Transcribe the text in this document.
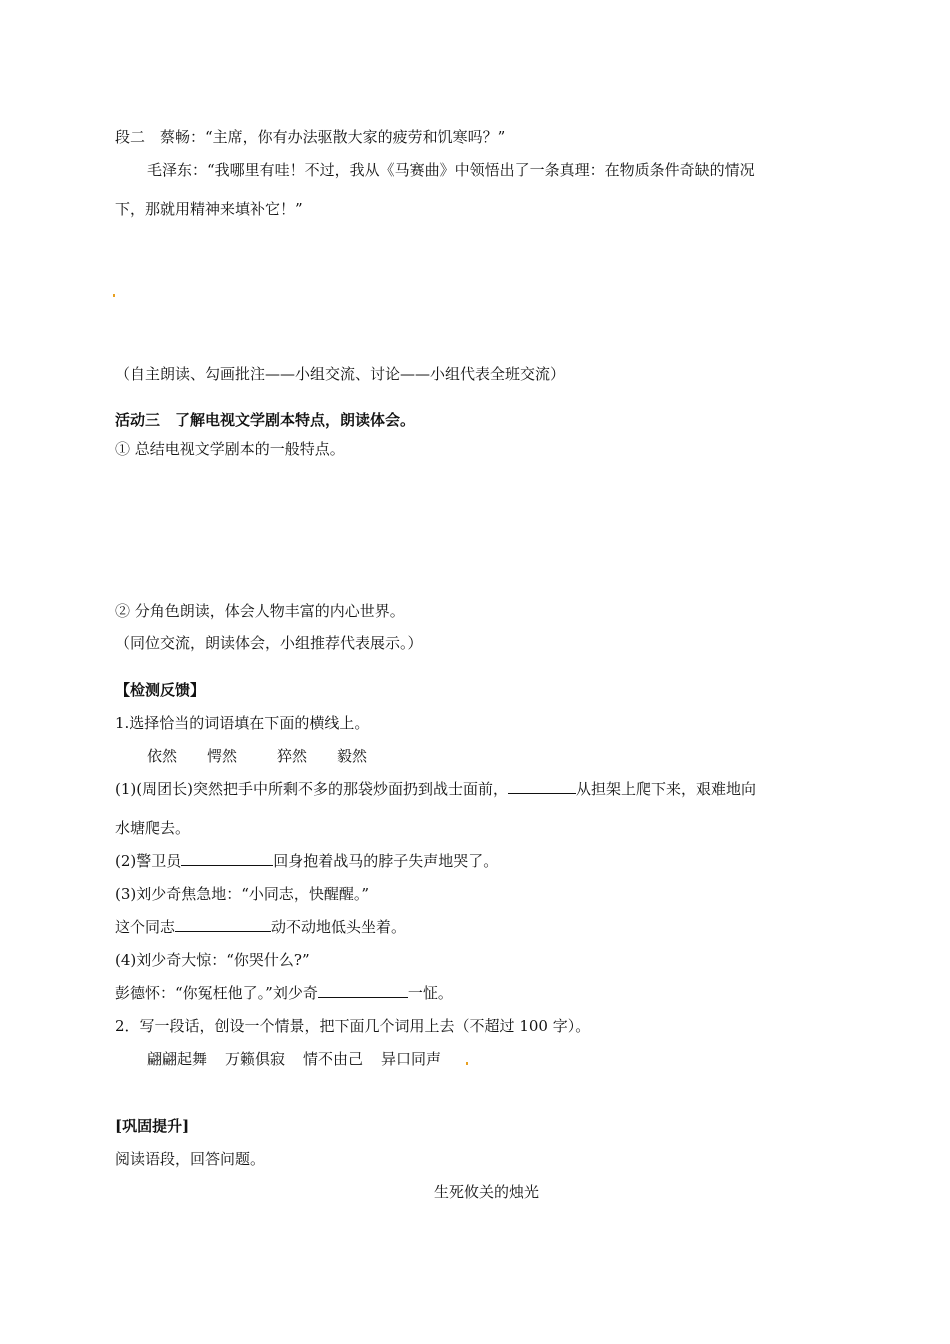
段二　蔡畅：“主席，你有办法驱散大家的疲劳和饥寒吗？”
毛泽东：“我哪里有哇！不过，我从《马赛曲》中领悟出了一条真理：在物质条件奇缺的情况
下，那就用精神来填补它！”
（自主朗读、勾画批注——小组交流、讨论——小组代表全班交流）
活动三　了解电视文学剧本特点，朗读体会。
① 总结电视文学剧本的一般特点。
② 分角色朗读，体会人物丰富的内心世界。
（同位交流，朗读体会，小组推荐代表展示。）
【检测反馈】
1.选择恰当的词语填在下面的横线上。
依然 愕然	猝然 毅然
(1)(周团长)突然把手中所剩不多的那袋炒面扔到战士面前，	从担架上爬下来，艰难地向
水塘爬去。
(2)警卫员	回身抱着战马的脖子失声地哭了。
(3)刘少奇焦急地：“小同志，快醒醒。”
这个同志	动不动地低头坐着。
(4)刘少奇大惊：“你哭什么?”
彭德怀：“你冤枉他了。”刘少奇	一怔。
2．写一段话，创设一个情景，把下面几个词用上去（不超过 100 字）。
翩翩起舞 万籁俱寂 情不由己 异口同声
[巩固提升]
阅读语段，回答问题。
生死攸关的烛光
